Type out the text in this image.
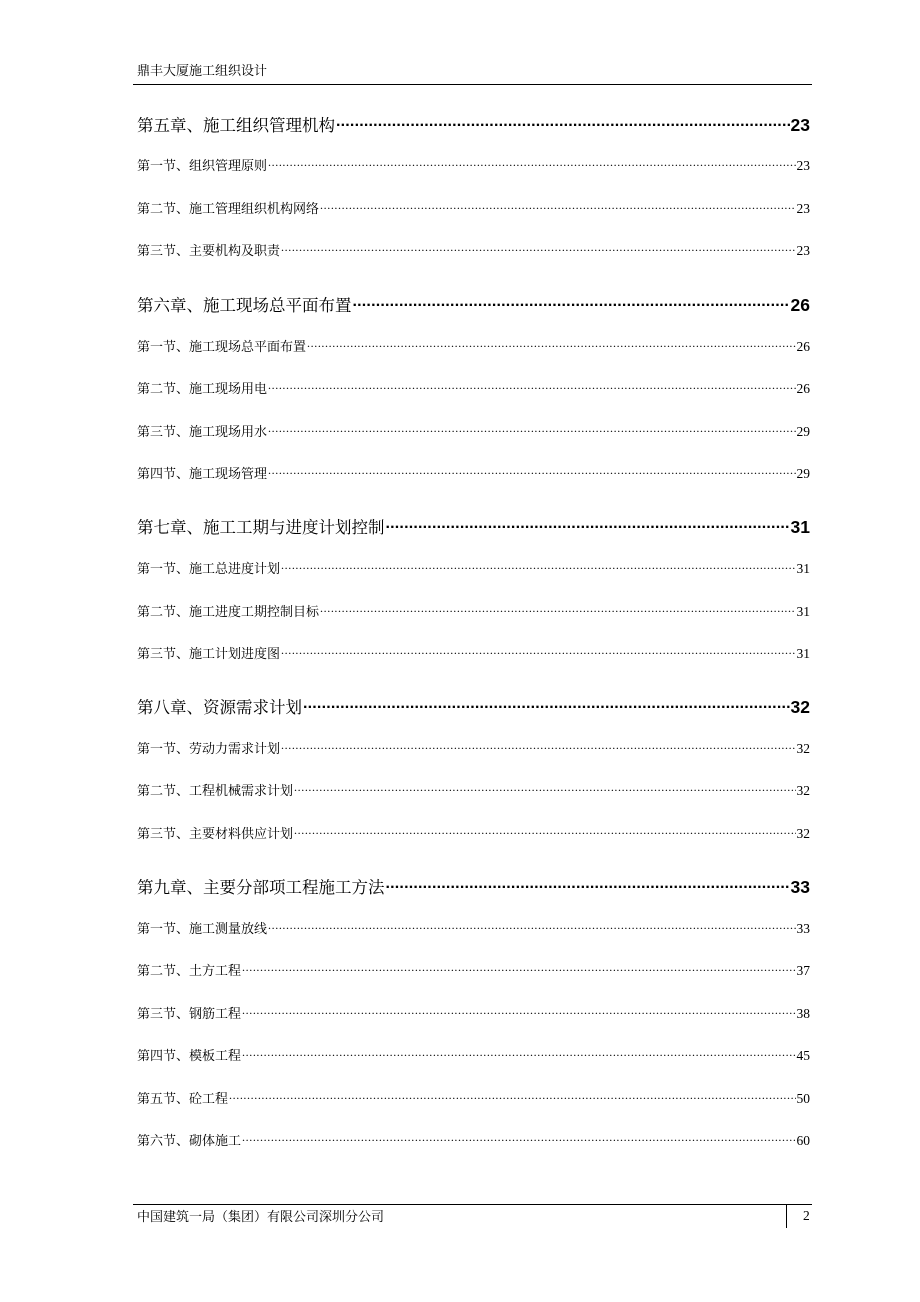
鼎丰大厦施工组织设计
第五章、施工组织管理机构 .....	23
第一节、组织管理原则 .....	23
第二节、施工管理组织机构网络 .....	23
第三节、主要机构及职责 .....	23
第六章、施工现场总平面布置 .....	26
第一节、施工现场总平面布置 .....	26
第二节、施工现场用电 .....	26
第三节、施工现场用水 .....	29
第四节、施工现场管理 .....	29
第七章、施工工期与进度计划控制 .....	31
第一节、施工总进度计划 .....	31
第二节、施工进度工期控制目标 .....	31
第三节、施工计划进度图 .....	31
第八章、资源需求计划 .....	32
第一节、劳动力需求计划 .....	32
第二节、工程机械需求计划 .....	32
第三节、主要材料供应计划 .....	32
第九章、主要分部项工程施工方法 .....	33
第一节、施工测量放线 .....	33
第二节、土方工程 .....	37
第三节、钢筋工程 .....	38
第四节、模板工程 .....	45
第五节、砼工程 .....	50
第六节、砌体施工 .....	60
中国建筑一局（集团）有限公司深圳分公司	2
